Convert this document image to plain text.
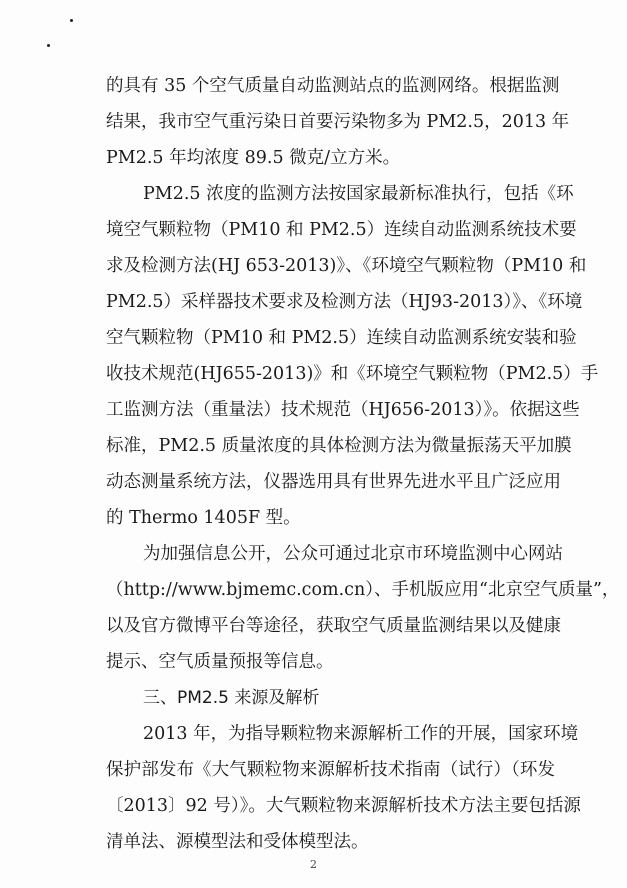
的具有 35 个空气质量自动监测站点的监测网络。根据监测
结果，我市空气重污染日首要污染物多为 PM2.5，2013 年
PM2.5 年均浓度 89.5 微克/立方米。
PM2.5 浓度的监测方法按国家最新标准执行，包括《环
境空气颗粒物（PM10 和 PM2.5）连续自动监测系统技术要
求及检测方法(HJ 653-2013)》、《环境空气颗粒物（PM10 和
PM2.5）采样器技术要求及检测方法（HJ93-2013）》、《环境
空气颗粒物（PM10 和 PM2.5）连续自动监测系统安装和验
收技术规范(HJ655-2013)》和《环境空气颗粒物（PM2.5）手
工监测方法（重量法）技术规范（HJ656-2013）》。依据这些
标准，PM2.5 质量浓度的具体检测方法为微量振荡天平加膜
动态测量系统方法，仪器选用具有世界先进水平且广泛应用
的 Thermo 1405F 型。
为加强信息公开，公众可通过北京市环境监测中心网站
（http://www.bjmemc.com.cn）、手机版应用“北京空气质量”，
以及官方微博平台等途径，获取空气质量监测结果以及健康
提示、空气质量预报等信息。
三、PM2.5 来源及解析
2013 年，为指导颗粒物来源解析工作的开展，国家环境
保护部发布《大气颗粒物来源解析技术指南（试行）（环发
〔2013〕92 号）》。大气颗粒物来源解析技术方法主要包括源
清单法、源模型法和受体模型法。
2
